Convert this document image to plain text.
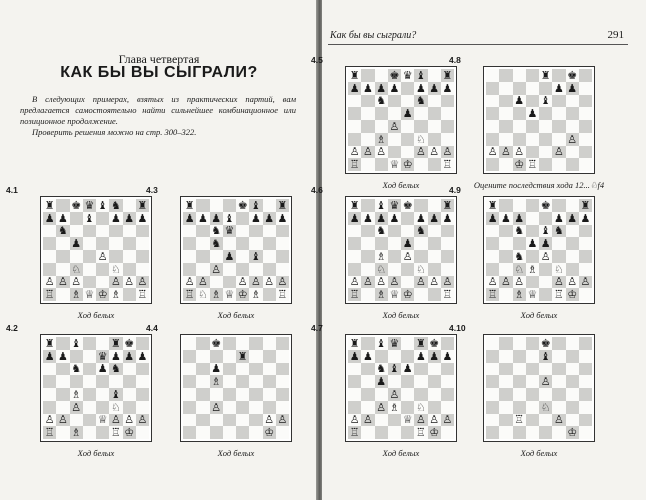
Глава четвертая
КАК БЫ ВЫ СЫГРАЛИ?

В следующих примерах, взятых из практических партий, вам предлагается самостоятельно найти сильнейшее комбинационное или позиционное продолжение.

Проверить решения можно на стр. 300–322.

Как бы вы сыграли?	291
4.1
♜ ♚ ♛ ♝ ♞ ♜
♟ ♟ ♝ ♟ ♟ ♟
♞
♟
♙
♘	♘
♙ ♙ ♙	♙ ♙ ♙
♖ ♗ ♕ ♔ ♗ ♖
Ход белых
4.3
♜	♚ ♝ ♜
♟ ♟ ♟ ♝ ♟ ♟ ♟
♞ ♛
♞
♟ ♝
♙
♙ ♙	♙ ♙ ♙ ♙
♖ ♘ ♗ ♕ ♔ ♗ ♖
Ход белых
4.2
♜ ♝	♜ ♚
♟ ♟	♛ ♟ ♟ ♟
♞ ♟ ♞
♗	♝
♙	♘
♙ ♙	♕ ♙ ♙ ♙
♖ ♗	♖ ♔
Ход белых
4.4
♚
♜
♟
♗
♙
♙ ♙
♔
Ход белых
4.5
♜	♚ ♛ ♝ ♜
♟ ♟ ♟ ♟ ♟ ♟ ♟
♞	♞
♟
♙
♗	♘
♙ ♙ ♙	♙ ♙ ♙
♖	♕ ♔	♖
Ход белых
4.8
♜ ♚
♟ ♟
♟ ♝
♟
♙
♙ ♙ ♙	♙
♔ ♖
Оцените последствия хода 12...♘f4
4.6
♜ ♝ ♛ ♚	♜
♟ ♟ ♟ ♟ ♟ ♟ ♟
♞	♞
♟
♗ ♙
♘	♘
♙ ♙ ♙ ♙ ♙ ♙ ♙
♖ ♗ ♕ ♔	♖
Ход белых
4.9
♜	♚	♜
♟ ♟ ♟	♟ ♟ ♟
♞ ♝ ♞
♟ ♟
♞ ♙
♘ ♗ ♘
♙ ♙ ♙	♙ ♙ ♙
♖ ♗ ♕ ♖ ♔
Ход белых
4.7
♜ ♝ ♛ ♜ ♚
♟ ♟	♟ ♟ ♟
♞ ♝ ♟
♟
♙
♙ ♗ ♘
♙ ♙	♕ ♙ ♙ ♙
♖	♖ ♔
Ход белых
4.10
♚
♝
♙
♘
♖	♙
♔
Ход белых
